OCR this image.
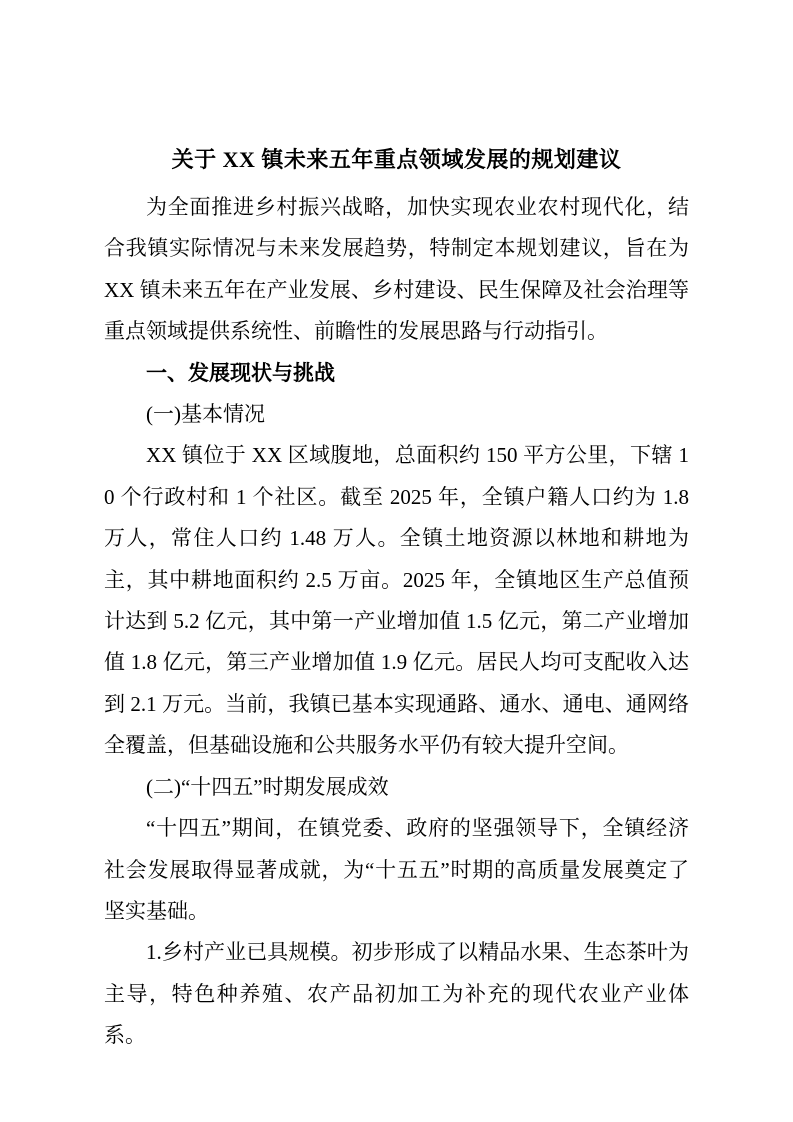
关于 XX 镇未来五年重点领域发展的规划建议

为全面推进乡村振兴战略，加快实现农业农村现代化，结合我镇实际情况与未来发展趋势，特制定本规划建议，旨在为 XX 镇未来五年在产业发展、乡村建设、民生保障及社会治理等重点领域提供系统性、前瞻性的发展思路与行动指引。

一、发展现状与挑战

(一)基本情况

XX 镇位于 XX 区域腹地，总面积约 150 平方公里，下辖 10 个行政村和 1 个社区。截至 2025 年，全镇户籍人口约为 1.8 万人，常住人口约 1.48 万人。全镇土地资源以林地和耕地为主，其中耕地面积约 2.5 万亩。2025 年，全镇地区生产总值预计达到 5.2 亿元，其中第一产业增加值 1.5 亿元，第二产业增加值 1.8 亿元，第三产业增加值 1.9 亿元。居民人均可支配收入达到 2.1 万元。当前，我镇已基本实现通路、通水、通电、通网络全覆盖，但基础设施和公共服务水平仍有较大提升空间。

(二)“十四五”时期发展成效

“十四五”期间，在镇党委、政府的坚强领导下，全镇经济社会发展取得显著成就，为“十五五”时期的高质量发展奠定了坚实基础。

1.乡村产业已具规模。初步形成了以精品水果、生态茶叶为主导，特色种养殖、农产品初加工为补充的现代农业产业体系。
